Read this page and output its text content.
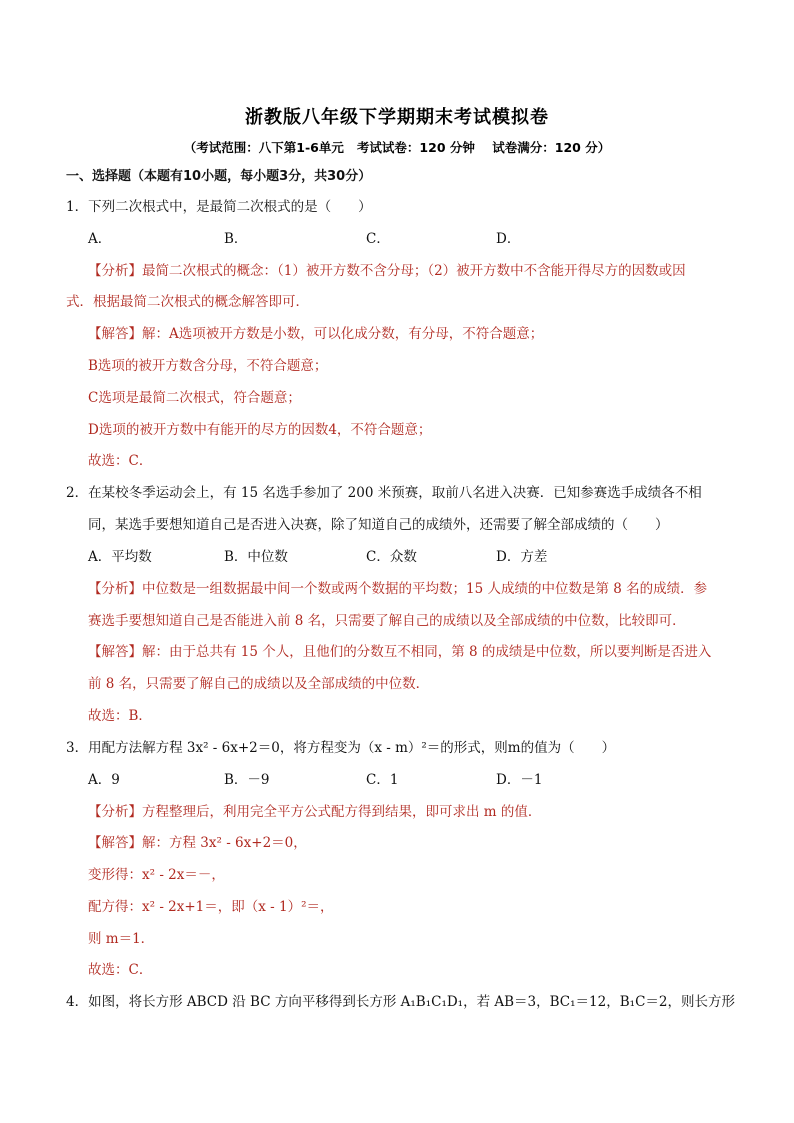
浙教版八年级下学期期末考试模拟卷
（考试范围：八下第1-6单元   考试试卷：120 分钟    试卷满分：120 分）
一、选择题（本题有10小题，每小题3分，共30分）
1．下列二次根式中，是最简二次根式的是（　　）
A．	B．	C．	D．
【分析】最简二次根式的概念：（1）被开方数不含分母；（2）被开方数中不含能开得尽方的因数或因
式．根据最简二次根式的概念解答即可．
【解答】解：A选项被开方数是小数，可以化成分数，有分母，不符合题意；
B选项的被开方数含分母，不符合题意；
C选项是最简二次根式，符合题意；
D选项的被开方数中有能开的尽方的因数4，不符合题意；
故选：C．
2．在某校冬季运动会上，有 15 名选手参加了 200 米预赛，取前八名进入决赛．已知参赛选手成绩各不相
同，某选手要想知道自己是否进入决赛，除了知道自己的成绩外，还需要了解全部成绩的（　　）
A．平均数	B．中位数	C．众数	D．方差
【分析】中位数是一组数据最中间一个数或两个数据的平均数；15 人成绩的中位数是第 8 名的成绩．参
赛选手要想知道自己是否能进入前 8 名，只需要了解自己的成绩以及全部成绩的中位数，比较即可．
【解答】解：由于总共有 15 个人，且他们的分数互不相同，第 8 的成绩是中位数，所以要判断是否进入
前 8 名，只需要了解自己的成绩以及全部成绩的中位数．
故选：B．
3．用配方法解方程 3x² - 6x+2＝0，将方程变为（x - m）²＝的形式，则m的值为（　　）
A．9	B．－9	C．1	D．－1
【分析】方程整理后，利用完全平方公式配方得到结果，即可求出 m 的值．
【解答】解：方程 3x² - 6x+2＝0，
变形得：x² - 2x＝－，
配方得：x² - 2x+1＝，即（x - 1）²＝，
则 m＝1．
故选：C．
4．如图，将长方形 ABCD 沿 BC 方向平移得到长方形 A₁B₁C₁D₁，若 AB＝3，BC₁＝12，B₁C＝2，则长方形
